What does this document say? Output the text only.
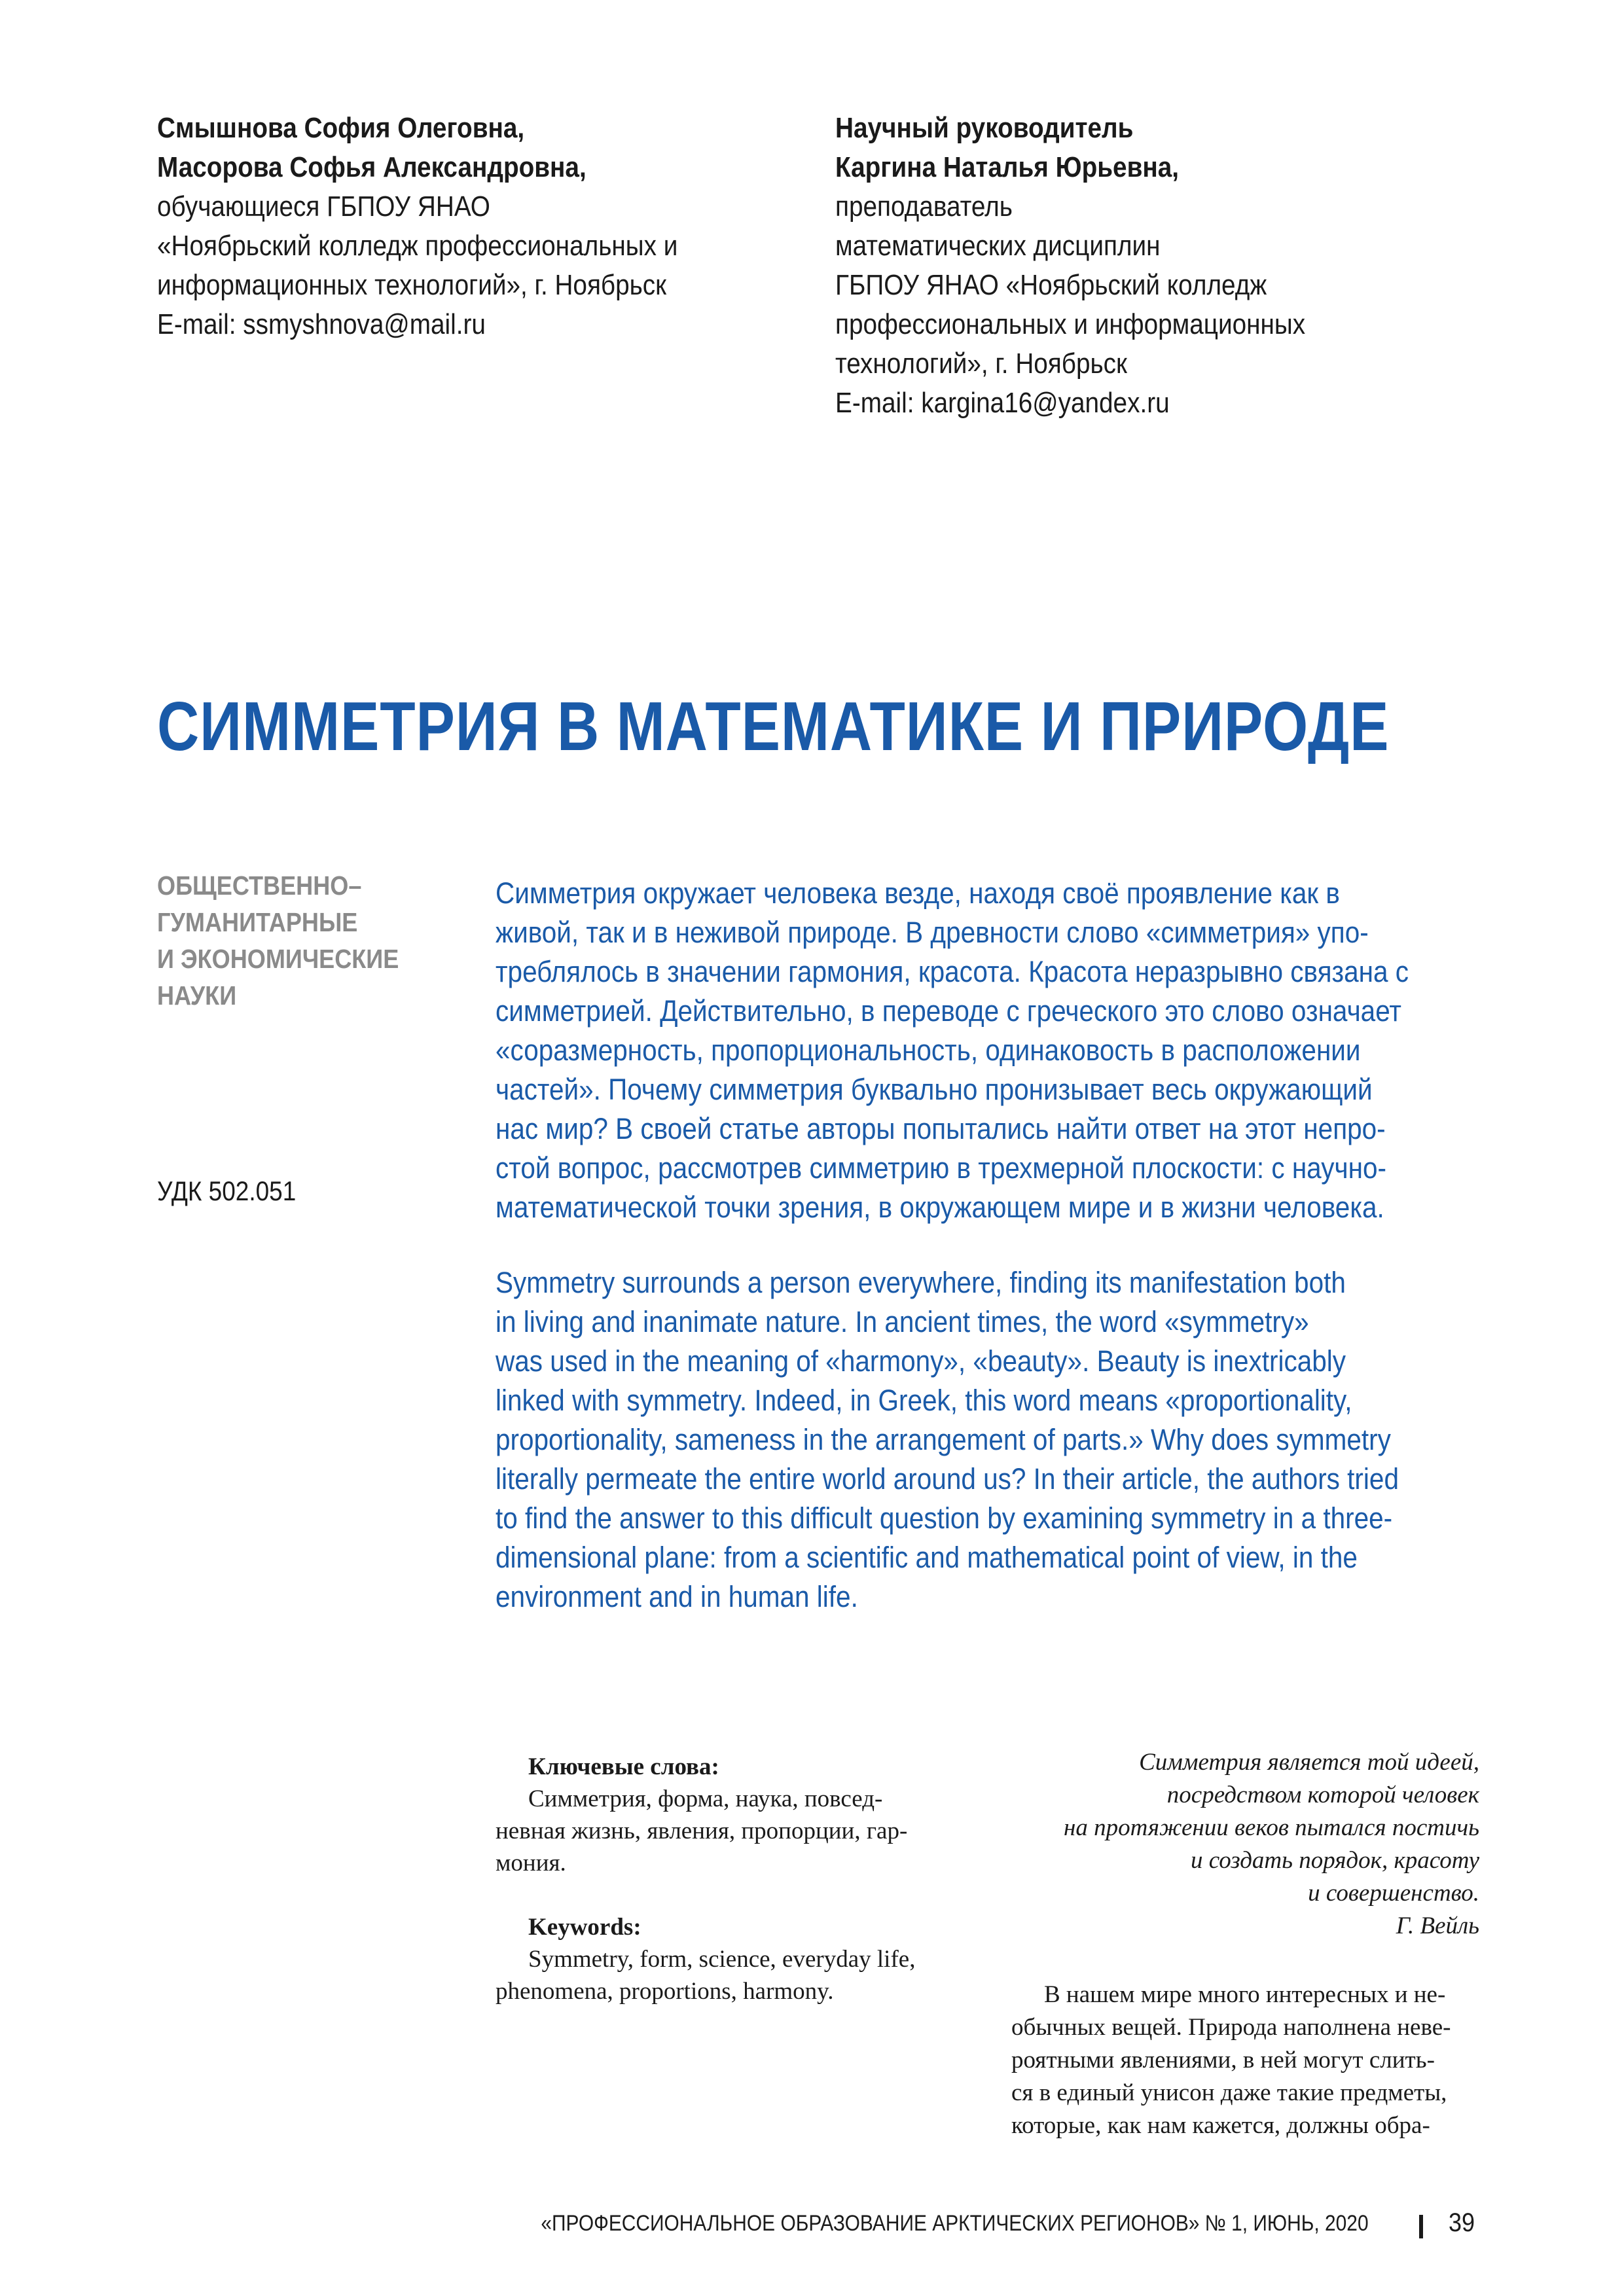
Смышнова София Олеговна,
Масорова Софья Александровна,
обучающиеся ГБПОУ ЯНАО
«Ноябрьский колледж профессиональных и
информационных технологий», г. Ноябрьск
E-mail: ssmyshnova@mail.ru
Научный руководитель
Каргина Наталья Юрьевна,
преподаватель
математических дисциплин
ГБПОУ ЯНАО «Ноябрьский колледж
профессиональных и информационных
технологий», г. Ноябрьск
E-mail: kargina16@yandex.ru
СИММЕТРИЯ В МАТЕМАТИКЕ И ПРИРОДЕ
ОБЩЕСТВЕННО–
ГУМАНИТАРНЫЕ
И ЭКОНОМИЧЕСКИЕ
НАУКИ
УДК 502.051
Симметрия окружает человека везде, находя своё проявление как в
живой, так и в неживой природе. В древности слово «симметрия» упо-
треблялось в значении гармония, красота. Красота неразрывно связана с
симметрией. Действительно, в переводе с греческого это слово означает
«соразмерность, пропорциональность, одинаковость в расположении
частей». Почему симметрия буквально пронизывает весь окружающий
нас мир? В своей статье авторы попытались найти ответ на этот непро-
стой вопрос, рассмотрев симметрию в трехмерной плоскости: с научно-
математической точки зрения, в окружающем мире и в жизни человека.
Symmetry surrounds a person everywhere, finding its manifestation both
in living and inanimate nature. In ancient times, the word «symmetry»
was used in the meaning of «harmony», «beauty». Beauty is inextricably
linked with symmetry. Indeed, in Greek, this word means «proportionality,
proportionality, sameness in the arrangement of parts.» Why does symmetry
literally permeate the entire world around us? In their article, the authors tried
to find the answer to this difficult question by examining symmetry in a three-
dimensional plane: from a scientific and mathematical point of view, in the
environment and in human life.
Ключевые слова:
Симметрия, форма, наука, повсед-
невная жизнь, явления, пропорции, гар-
мония.
Keywords:
Symmetry, form, science, everyday life,
phenomena, proportions, harmony.
Симметрия является той идеей,
посредством которой человек
на протяжении веков пытался постичь
и создать порядок, красоту
и совершенство.
Г. Вейль
В нашем мире много интересных и не-
обычных вещей. Природа наполнена неве-
роятными явлениями, в ней могут слить-
ся в единый унисон даже такие предметы,
которые, как нам кажется, должны обра-
«ПРОФЕССИОНАЛЬНОЕ ОБРАЗОВАНИЕ АРКТИЧЕСКИХ РЕГИОНОВ» № 1, ИЮНЬ, 2020	39
